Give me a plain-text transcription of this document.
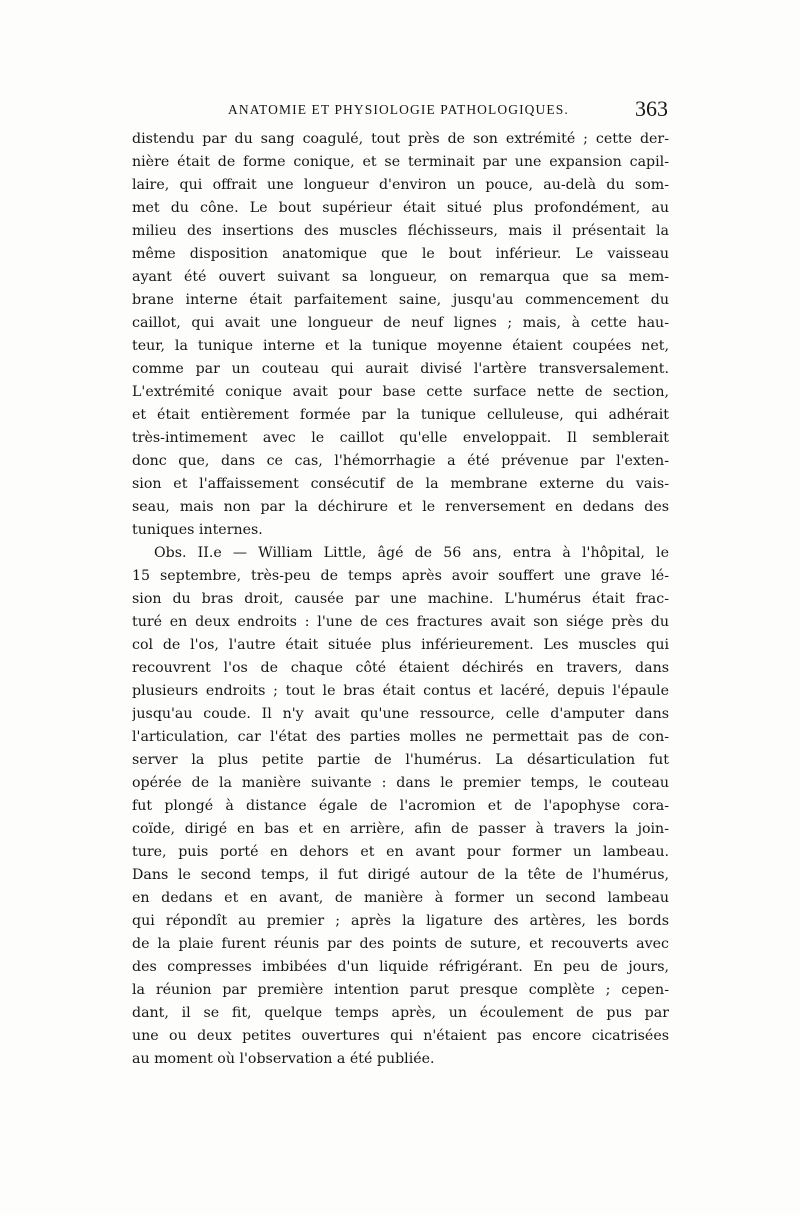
ANATOMIE ET PHYSIOLOGIE PATHOLOGIQUES.	363
distendu par du sang coagulé, tout près de son extrémité ; cette der-
nière était de forme conique, et se terminait par une expansion capil-
laire, qui offrait une longueur d'environ un pouce, au-delà du som-
met du cône. Le bout supérieur était situé plus profondément, au
milieu des insertions des muscles fléchisseurs, mais il présentait la
même disposition anatomique que le bout inférieur. Le vaisseau
ayant été ouvert suivant sa longueur, on remarqua que sa mem-
brane interne était parfaitement saine, jusqu'au commencement du
caillot, qui avait une longueur de neuf lignes ; mais, à cette hau-
teur, la tunique interne et la tunique moyenne étaient coupées net,
comme par un couteau qui aurait divisé l'artère transversalement.
L'extrémité conique avait pour base cette surface nette de section,
et était entièrement formée par la tunique celluleuse, qui adhérait
très-intimement avec le caillot qu'elle enveloppait. Il semblerait
donc que, dans ce cas, l'hémorrhagie a été prévenue par l'exten-
sion et l'affaissement consécutif de la membrane externe du vais-
seau, mais non par la déchirure et le renversement en dedans des
tuniques internes.
Obs. II.e — William Little, âgé de 56 ans, entra à l'hôpital, le
15 septembre, très-peu de temps après avoir souffert une grave lé-
sion du bras droit, causée par une machine. L'humérus était frac-
turé en deux endroits : l'une de ces fractures avait son siége près du
col de l'os, l'autre était située plus inférieurement. Les muscles qui
recouvrent l'os de chaque côté étaient déchirés en travers, dans
plusieurs endroits ; tout le bras était contus et lacéré, depuis l'épaule
jusqu'au coude. Il n'y avait qu'une ressource, celle d'amputer dans
l'articulation, car l'état des parties molles ne permettait pas de con-
server la plus petite partie de l'humérus. La désarticulation fut
opérée de la manière suivante : dans le premier temps, le couteau
fut plongé à distance égale de l'acromion et de l'apophyse cora-
coïde, dirigé en bas et en arrière, afin de passer à travers la join-
ture, puis porté en dehors et en avant pour former un lambeau.
Dans le second temps, il fut dirigé autour de la tête de l'humérus,
en dedans et en avant, de manière à former un second lambeau
qui répondît au premier ; après la ligature des artères, les bords
de la plaie furent réunis par des points de suture, et recouverts avec
des compresses imbibées d'un liquide réfrigérant. En peu de jours,
la réunion par première intention parut presque complète ; cepen-
dant, il se fit, quelque temps après, un écoulement de pus par
une ou deux petites ouvertures qui n'étaient pas encore cicatrisées
au moment où l'observation a été publiée.
